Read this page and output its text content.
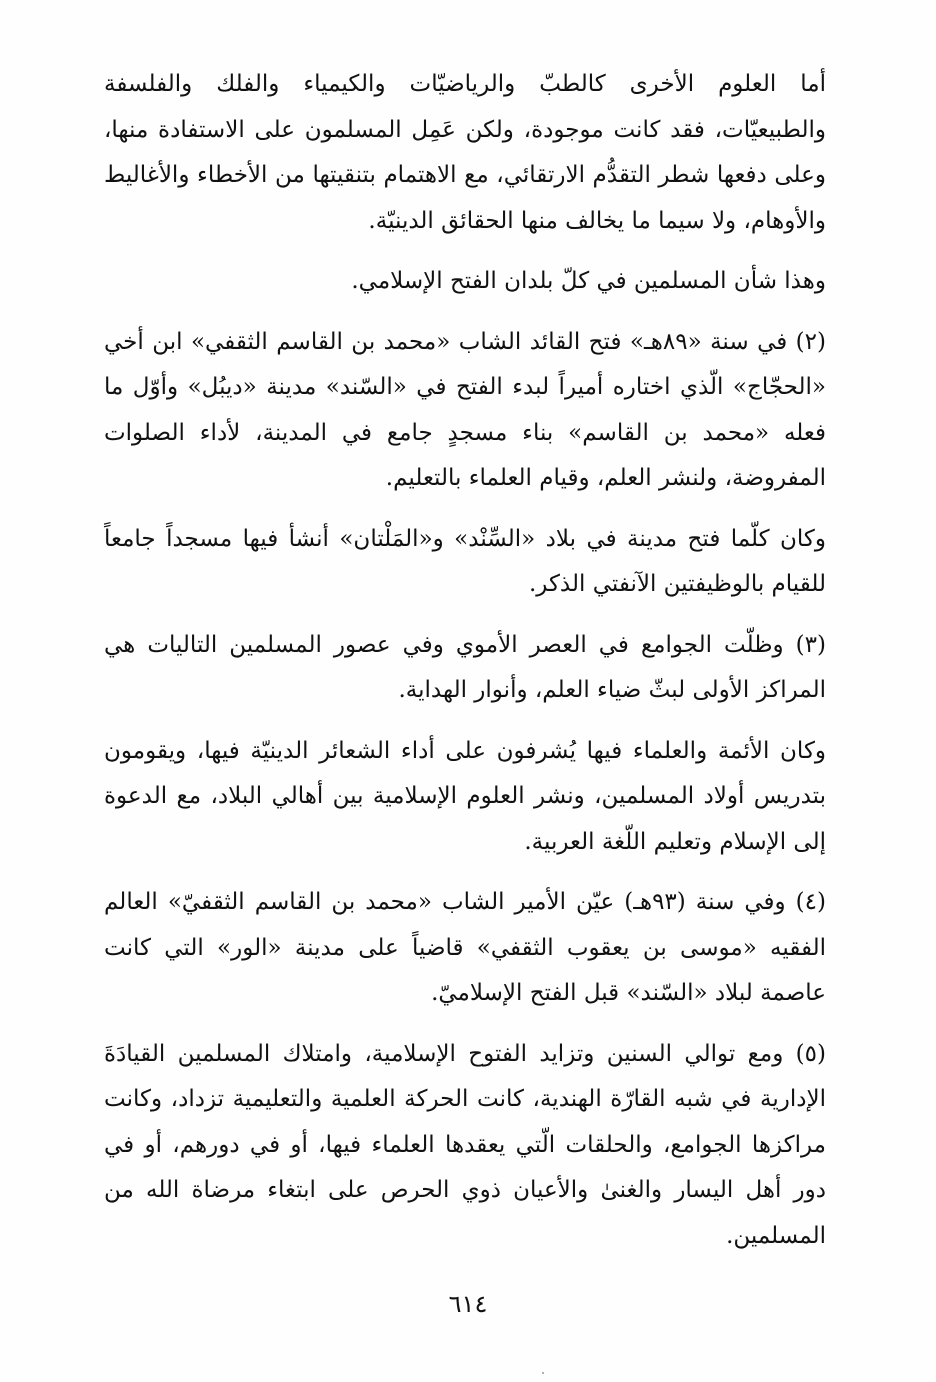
أما العلوم الأخرى كالطبّ والرياضيّات والكيمياء والفلك والفلسفة والطبيعيّات، فقد كانت موجودة، ولكن عَمِل المسلمون على الاستفادة منها، وعلى دفعها شطر التقدُّم الارتقائي، مع الاهتمام بتنقيتها من الأخطاء والأغاليط والأوهام، ولا سيما ما يخالف منها الحقائق الدينيّة.

وهذا شأن المسلمين في كلّ بلدان الفتح الإسلامي.

(٢) في سنة «٨٩هـ» فتح القائد الشاب «محمد بن القاسم الثقفي» ابن أخي «الحجّاج» الّذي اختاره أميراً لبدء الفتح في «السّند» مدينة «ديبُل» وأوّل ما فعله «محمد بن القاسم» بناء مسجدٍ جامع في المدينة، لأداء الصلوات المفروضة، ولنشر العلم، وقيام العلماء بالتعليم.

وكان كلّما فتح مدينة في بلاد «السِّنْد» و«المَلْتان» أنشأ فيها مسجداً جامعاً للقيام بالوظيفتين الآنفتي الذكر.

(٣) وظلّت الجوامع في العصر الأموي وفي عصور المسلمين التاليات هي المراكز الأولى لبثّ ضياء العلم، وأنوار الهداية.

وكان الأئمة والعلماء فيها يُشرفون على أداء الشعائر الدينيّة فيها، ويقومون بتدريس أولاد المسلمين، ونشر العلوم الإسلامية بين أهالي البلاد، مع الدعوة إلى الإسلام وتعليم اللّغة العربية.

(٤) وفي سنة (٩٣هـ) عيّن الأمير الشاب «محمد بن القاسم الثقفيّ» العالم الفقيه «موسى بن يعقوب الثقفي» قاضياً على مدينة «الور» التي كانت عاصمة لبلاد «السّند» قبل الفتح الإسلاميّ.

(٥) ومع توالي السنين وتزايد الفتوح الإسلامية، وامتلاك المسلمين القيادَةَ الإدارية في شبه القارّة الهندية، كانت الحركة العلمية والتعليمية تزداد، وكانت مراكزها الجوامع، والحلقات الّتي يعقدها العلماء فيها، أو في دورهم، أو في دور أهل اليسار والغنىٰ والأعيان ذوي الحرص على ابتغاء مرضاة الله من المسلمين.

٦١٤
